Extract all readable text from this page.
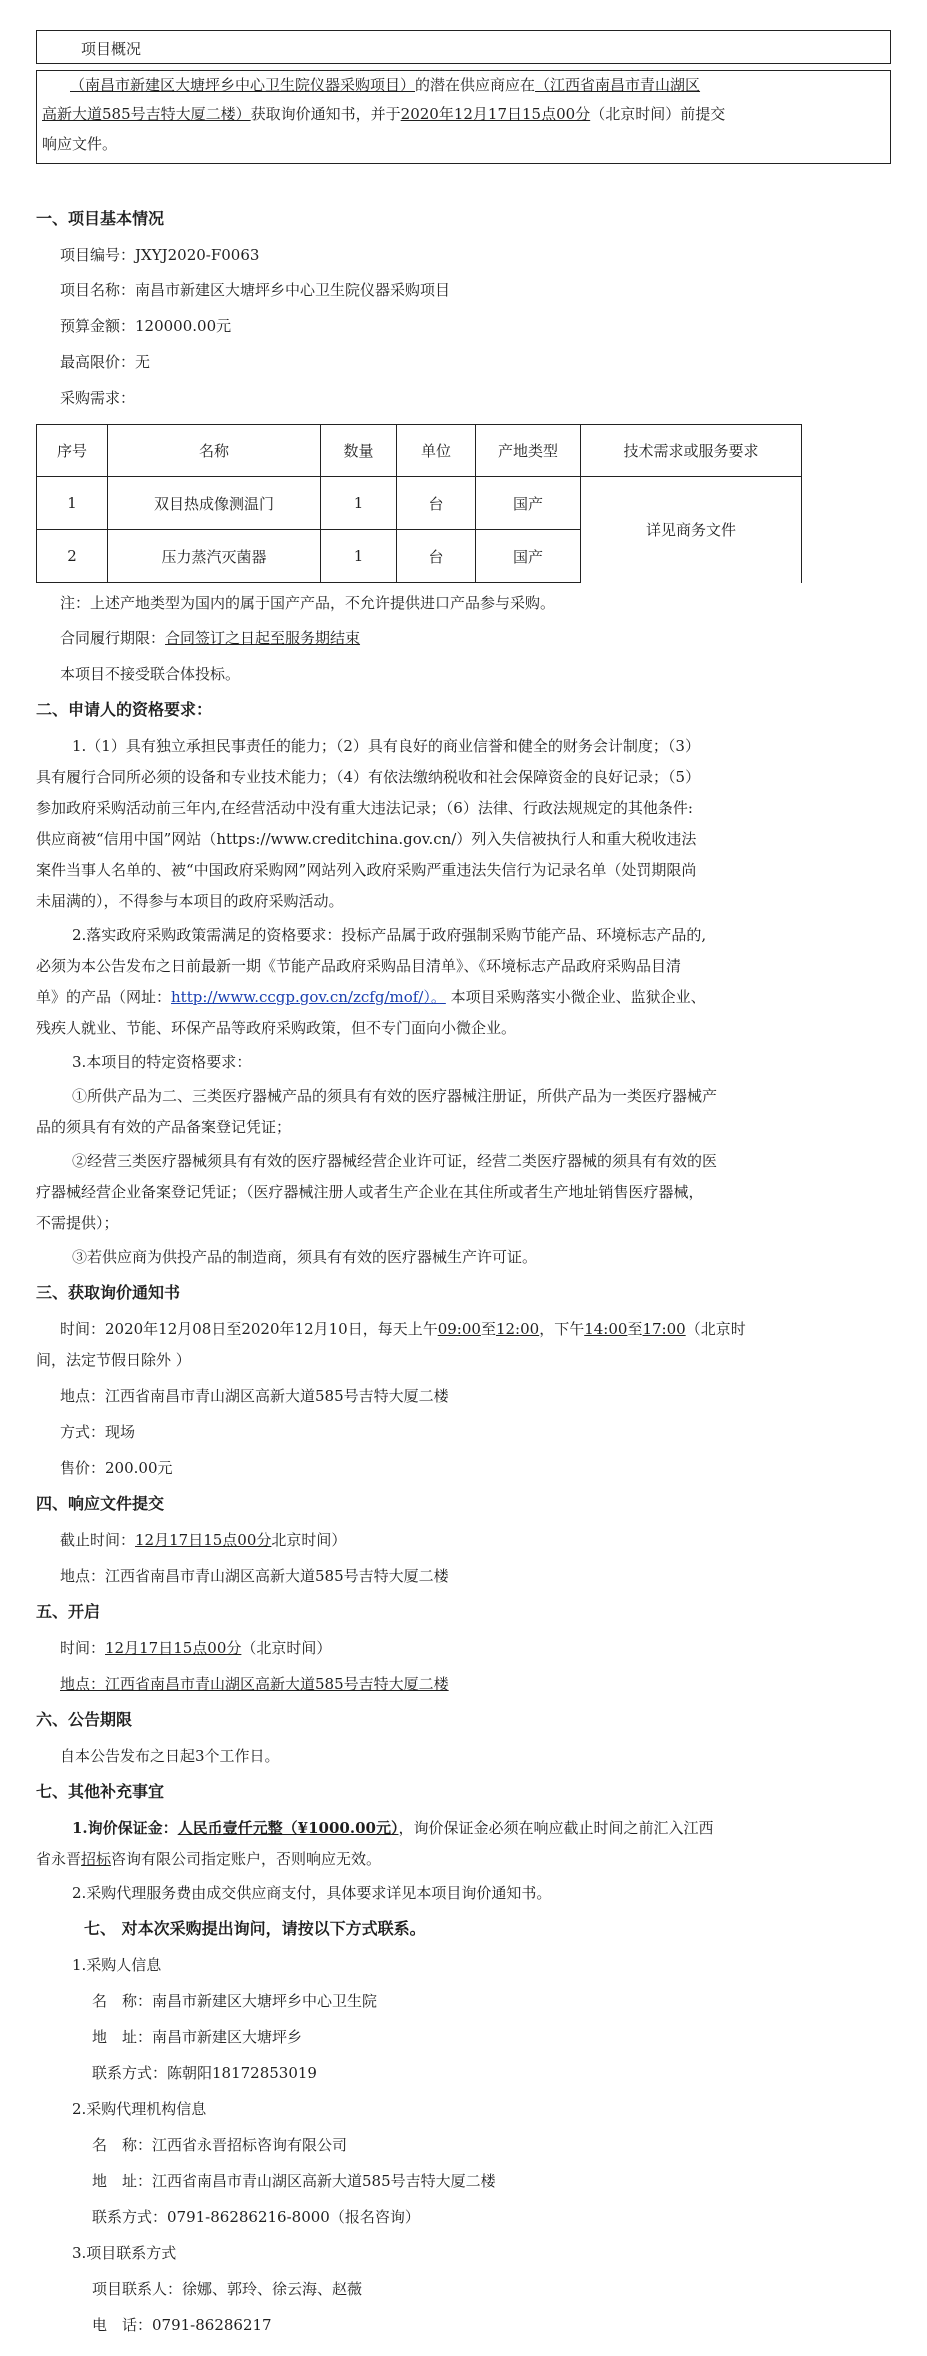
项目概况
（南昌市新建区大塘坪乡中心卫生院仪器采购项目）的潜在供应商应在（江西省南昌市青山湖区
高新大道585号吉特大厦二楼）获取询价通知书，并于2020年12月17日15点00分（北京时间）前提交
响应文件。
一、项目基本情况
项目编号：JXYJ2020-F0063
项目名称：南昌市新建区大塘坪乡中心卫生院仪器采购项目
预算金额：120000.00元
最高限价：无
采购需求：
序号	名称	数量	单位	产地类型	技术需求或服务要求
1	双目热成像测温门	1	台	国产	详见商务文件
2	压力蒸汽灭菌器	1	台	国产	
注：上述产地类型为国内的属于国产产品，不允许提供进口产品参与采购。
合同履行期限：合同签订之日起至服务期结束
本项目不接受联合体投标。
二、申请人的资格要求：
1.（1）具有独立承担民事责任的能力；（2）具有良好的商业信誉和健全的财务会计制度；（3）
具有履行合同所必须的设备和专业技术能力；（4）有依法缴纳税收和社会保障资金的良好记录；（5）
参加政府采购活动前三年内,在经营活动中没有重大违法记录；（6）法律、行政法规规定的其他条件:
供应商被“信用中国”网站（https://www.creditchina.gov.cn/）列入失信被执行人和重大税收违法
案件当事人名单的、被“中国政府采购网”网站列入政府采购严重违法失信行为记录名单（处罚期限尚
未届满的），不得参与本项目的政府采购活动。
2.落实政府采购政策需满足的资格要求：投标产品属于政府强制采购节能产品、环境标志产品的,
必须为本公告发布之日前最新一期《节能产品政府采购品目清单》、《环境标志产品政府采购品目清
单》的产品（网址：http://www.ccgp.gov.cn/zcfg/mof/）。 本项目采购落实小微企业、监狱企业、
残疾人就业、节能、环保产品等政府采购政策，但不专门面向小微企业。
3.本项目的特定资格要求：
①所供产品为二、三类医疗器械产品的须具有有效的医疗器械注册证，所供产品为一类医疗器械产
品的须具有有效的产品备案登记凭证；
②经营三类医疗器械须具有有效的医疗器械经营企业许可证，经营二类医疗器械的须具有有效的医
疗器械经营企业备案登记凭证；（医疗器械注册人或者生产企业在其住所或者生产地址销售医疗器械，
不需提供）；
③若供应商为供投产品的制造商，须具有有效的医疗器械生产许可证。
三、获取询价通知书
时间：2020年12月08日至2020年12月10日，每天上午09:00至12:00，下午14:00至17:00（北京时
间，法定节假日除外 ）
地点：江西省南昌市青山湖区高新大道585号吉特大厦二楼
方式：现场
售价：200.00元
四、响应文件提交
截止时间：12月17日15点00分北京时间）
地点：江西省南昌市青山湖区高新大道585号吉特大厦二楼
五、开启
时间：12月17日15点00分（北京时间）
地点：江西省南昌市青山湖区高新大道585号吉特大厦二楼
六、公告期限
自本公告发布之日起3个工作日。
七、其他补充事宜
1.询价保证金：人民币壹仟元整（¥1000.00元），询价保证金必须在响应截止时间之前汇入江西
省永晋招标咨询有限公司指定账户，否则响应无效。
2.采购代理服务费由成交供应商支付，具体要求详见本项目询价通知书。
七、 对本次采购提出询问，请按以下方式联系。
1.采购人信息
名　称：南昌市新建区大塘坪乡中心卫生院
地　址：南昌市新建区大塘坪乡
联系方式：陈朝阳18172853019
2.采购代理机构信息
名　称：江西省永晋招标咨询有限公司
地　址：江西省南昌市青山湖区高新大道585号吉特大厦二楼
联系方式：0791-86286216-8000（报名咨询）
3.项目联系方式
项目联系人：徐娜、郭玲、徐云海、赵薇
电　话：0791-86286217
